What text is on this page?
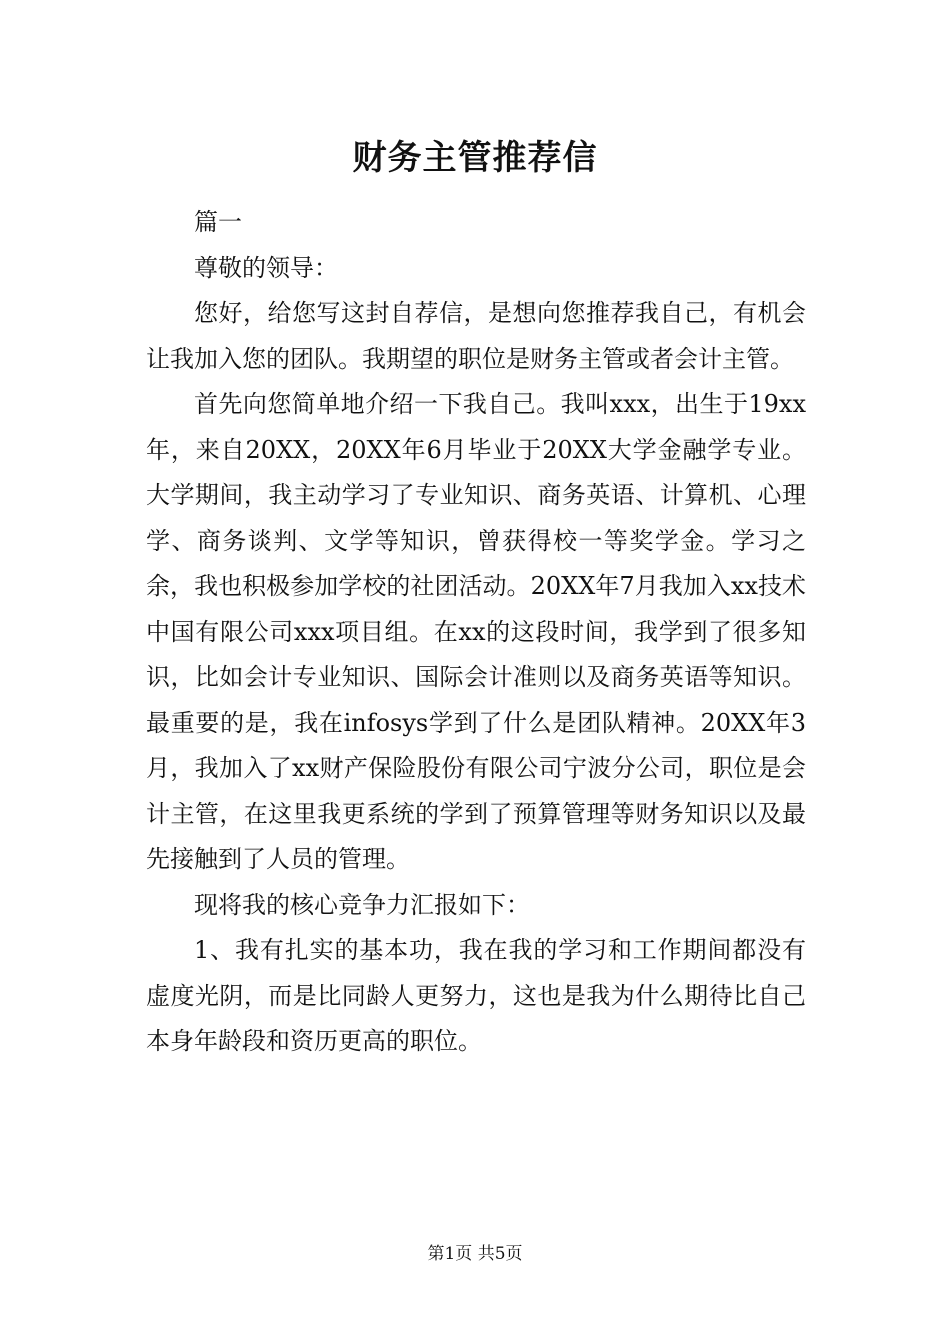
财务主管推荐信

篇一

尊敬的领导：

您好，给您写这封自荐信，是想向您推荐我自己，有机会让我加入您的团队。我期望的职位是财务主管或者会计主管。

首先向您简单地介绍一下我自己。我叫xxx，出生于19xx年，来自20XX，20XX年6月毕业于20XX大学金融学专业。大学期间，我主动学习了专业知识、商务英语、计算机、心理学、商务谈判、文学等知识，曾获得校一等奖学金。学习之余，我也积极参加学校的社团活动。20XX年7月我加入xx技术中国有限公司xxx项目组。在xx的这段时间，我学到了很多知识，比如会计专业知识、国际会计准则以及商务英语等知识。最重要的是，我在infosys学到了什么是团队精神。20XX年3月，我加入了xx财产保险股份有限公司宁波分公司，职位是会计主管，在这里我更系统的学到了预算管理等财务知识以及最先接触到了人员的管理。

现将我的核心竞争力汇报如下：

1、我有扎实的基本功，我在我的学习和工作期间都没有虚度光阴，而是比同龄人更努力，这也是我为什么期待比自己本身年龄段和资历更高的职位。

第1页 共5页
